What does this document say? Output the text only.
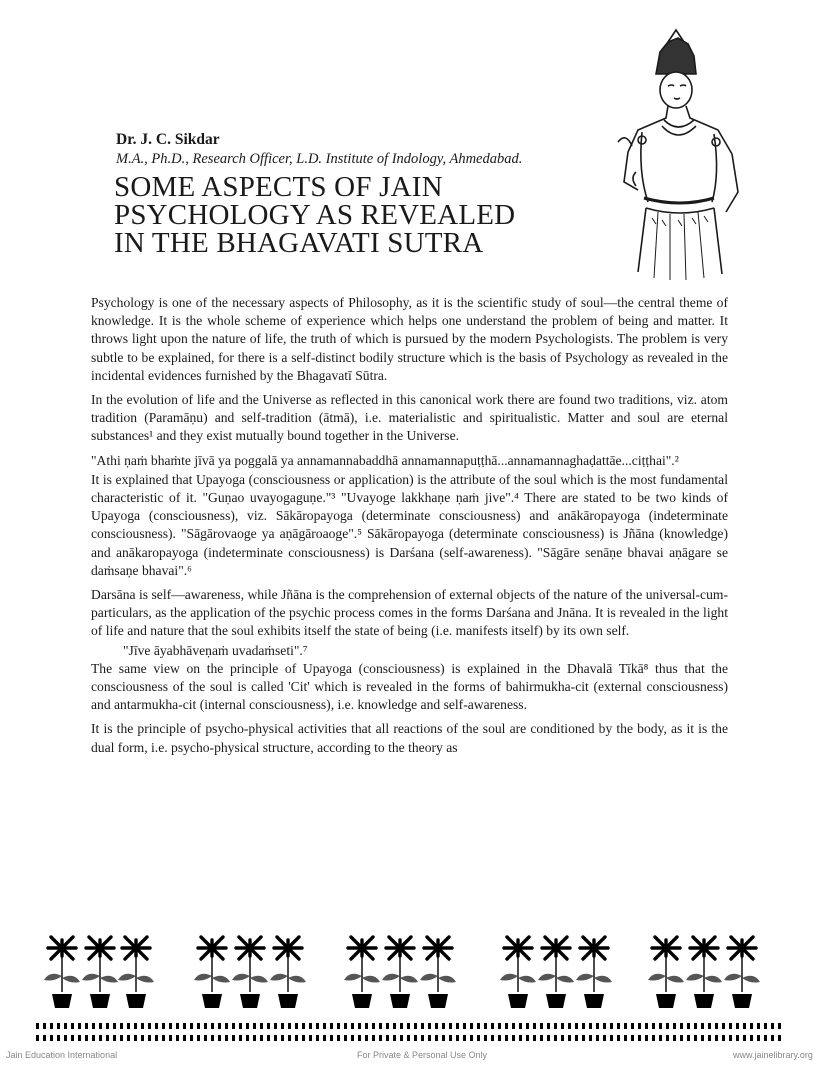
Dr. J. C. Sikdar
M.A., Ph.D., Research Officer, L.D. Institute of Indology, Ahmedabad.
SOME ASPECTS OF JAIN
PSYCHOLOGY AS REVEALED
IN THE BHAGAVATI SUTRA

Psychology is one of the necessary aspects of Philosophy, as it is the scientific study of soul—the central theme of knowledge. It is the whole scheme of experience which helps one understand the problem of being and matter. It throws light upon the nature of life, the truth of which is pursued by the modern Psychologists. The problem is very subtle to be explained, for there is a self-distinct bodily structure which is the basis of Psychology as revealed in the incidental evidences furnished by the Bhagavatī Sūtra.

In the evolution of life and the Universe as reflected in this canonical work there are found two traditions, viz. atom tradition (Paramāṇu) and self-tradition (ātmā), i.e. materialistic and spiritualistic. Matter and soul are eternal substances¹ and they exist mutually bound together in the Universe.

"Athi ṇaṁ bhaṁte jīvā ya poggalā ya annamannabaddhā annamannapuṭṭhā...annamannaghaḍattāe...ciṭṭhai".²

It is explained that Upayoga (consciousness or application) is the attribute of the soul which is the most fundamental characteristic of it. "Guṇao uvayogaguṇe."³ "Uvayoge lakkhaṇe ṇaṁ jive".⁴ There are stated to be two kinds of Upayoga (consciousness), viz. Sākāropayoga (determinate consciousness) and anākāropayoga (indeterminate consciousness). "Sāgārovaoge ya aṇāgāroaoge".⁵ Sākāropayoga (determinate consciousness) is Jñāna (knowledge) and anākaropayoga (indeterminate consciousness) is Darśana (self-awareness). "Sāgāre senāṇe bhavai aṇāgare se daṁsaṇe bhavai".⁶

Darsāna is self—awareness, while Jñāna is the comprehension of external objects of the nature of the universal-cum-particulars, as the application of the psychic process comes in the forms Darśana and Jnāna. It is revealed in the light of life and nature that the soul exhibits itself the state of being (i.e. manifests itself) by its own self.

"Jīve āyabhāveṇaṁ uvadaṁseti".⁷

The same view on the principle of Upayoga (consciousness) is explained in the Dhavalā Tīkā⁸ thus that the consciousness of the soul is called 'Cit' which is revealed in the forms of bahirmukha-cit (external consciousness) and antarmukha-cit (internal consciousness), i.e. knowledge and self-awareness.

It is the principle of psycho-physical activities that all reactions of the soul are conditioned by the body, as it is the dual form, i.e. psycho-physical structure, according to the theory as

Jain Education International	For Private & Personal Use Only	www.jainelibrary.org
